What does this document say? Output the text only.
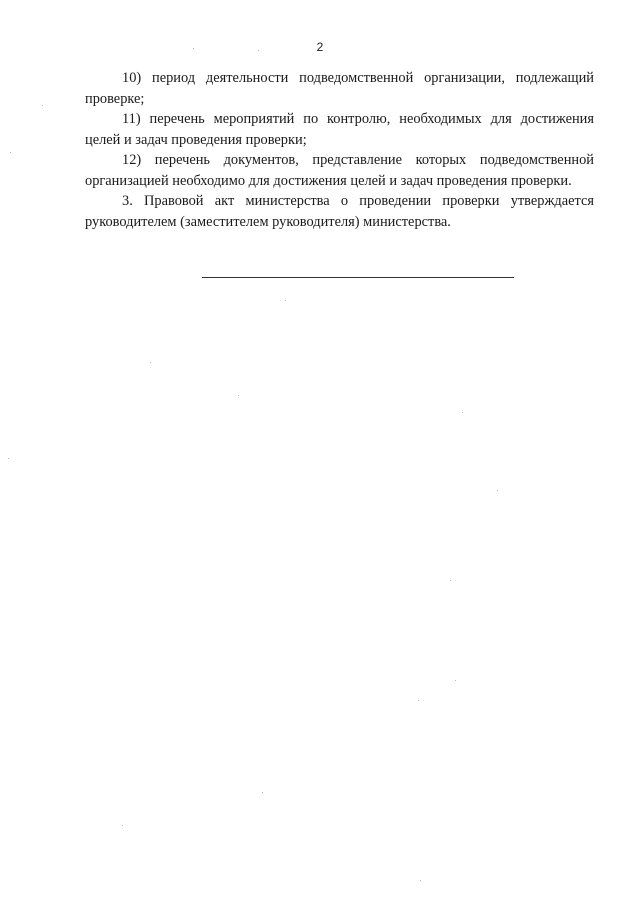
2

10) период деятельности подведомственной организации, подлежащий проверке;

11) перечень мероприятий по контролю, необходимых для достижения целей и задач проведения проверки;

12) перечень документов, представление которых подведомственной организацией необходимо для достижения целей и задач проведения проверки.

3. Правовой акт министерства о проведении проверки утверждается руководителем (заместителем руководителя) министерства.
